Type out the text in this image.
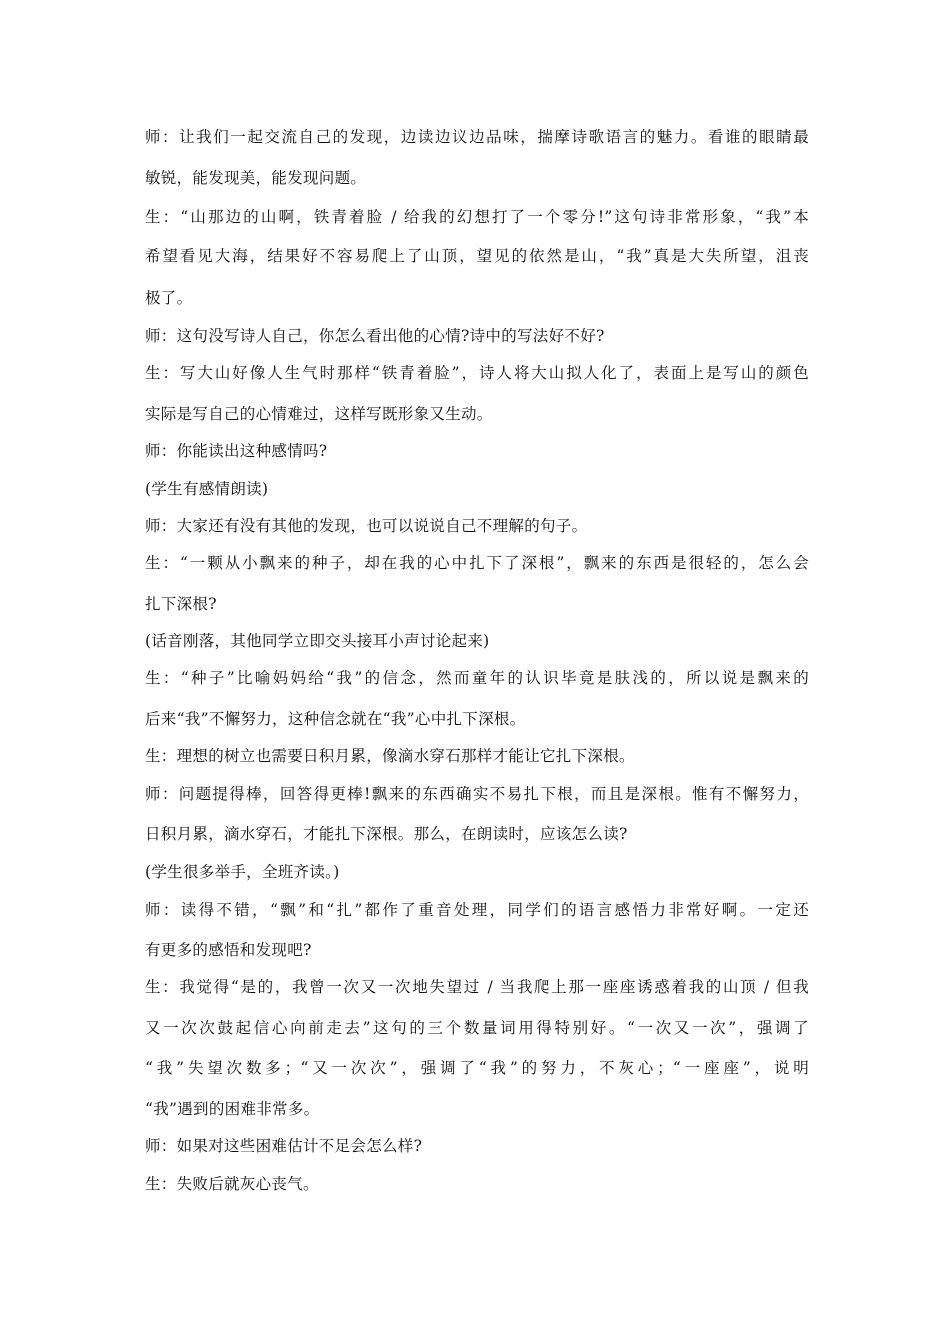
师：让我们一起交流自己的发现，边读边议边品味，揣摩诗歌语言的魅力。看谁的眼睛最
敏锐，能发现美，能发现问题。
生：“山那边的山啊，铁青着脸 / 给我的幻想打了一个零分!”这句诗非常形象，“我”本
希望看见大海，结果好不容易爬上了山顶，望见的依然是山，“我”真是大失所望，沮丧
极了。
师：这句没写诗人自己，你怎么看出他的心情?诗中的写法好不好?
生：写大山好像人生气时那样“铁青着脸”，诗人将大山拟人化了，表面上是写山的颜色
实际是写自己的心情难过，这样写既形象又生动。
师：你能读出这种感情吗?
(学生有感情朗读)
师：大家还有没有其他的发现，也可以说说自己不理解的句子。
生：“一颗从小飘来的种子，却在我的心中扎下了深根”，飘来的东西是很轻的，怎么会
扎下深根?
(话音刚落，其他同学立即交头接耳小声讨论起来)
生：“种子”比喻妈妈给“我”的信念，然而童年的认识毕竟是肤浅的，所以说是飘来的
后来“我”不懈努力，这种信念就在“我”心中扎下深根。
生：理想的树立也需要日积月累，像滴水穿石那样才能让它扎下深根。
师：问题提得棒，回答得更棒!飘来的东西确实不易扎下根，而且是深根。惟有不懈努力，
日积月累，滴水穿石，才能扎下深根。那么，在朗读时，应该怎么读?
(学生很多举手，全班齐读。)
师：读得不错，“飘”和“扎”都作了重音处理，同学们的语言感悟力非常好啊。一定还
有更多的感悟和发现吧?
生：我觉得“是的，我曾一次又一次地失望过 / 当我爬上那一座座诱惑着我的山顶 / 但我
又一次次鼓起信心向前走去”这句的三个数量词用得特别好。“一次又一次”，强调了
“我”失望次数多；“又一次次”，强调了“我”的努力，不灰心；“一座座”，说明
“我”遇到的困难非常多。
师：如果对这些困难估计不足会怎么样?
生：失败后就灰心丧气。
